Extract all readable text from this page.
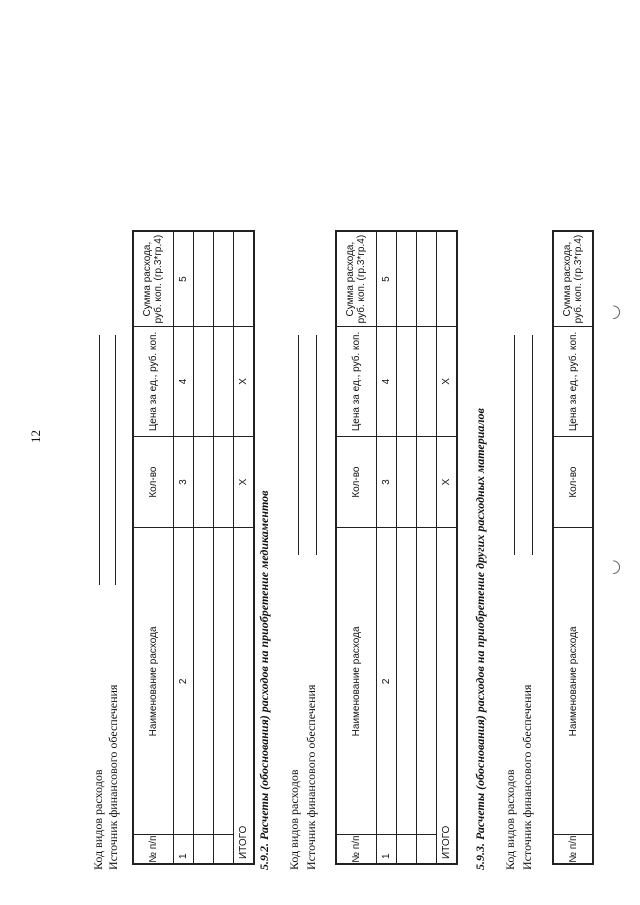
12
Код видов расходов Источник финансового обеспечения	№ п/п	Наименование расхода	Кол-во	Цена за ед., руб. коп.	Сумма расхода, руб. коп. (гр.3*гр.4)
1	2	3	4	5

ИТОГО		Х	Х	
5.9.2. Расчеты (обоснования) расходов на приобретение медикаментов Код видов расходов Источник финансового обеспечения	№ п/п	Наименование расхода	Кол-во	Цена за ед., руб. коп.	Сумма расхода, руб. коп. (гр.3*гр.4)
1	2	3	4	5

ИТОГО		Х	Х	
5.9.3. Расчеты (обоснования) расходов на приобретение других расходных материалов Код видов расходов Источник финансового обеспечения	№ п/п	Наименование расхода	Кол-во	Цена за ед., руб. коп.	Сумма расхода, руб. коп. (гр.3*гр.4)
◡
◡
